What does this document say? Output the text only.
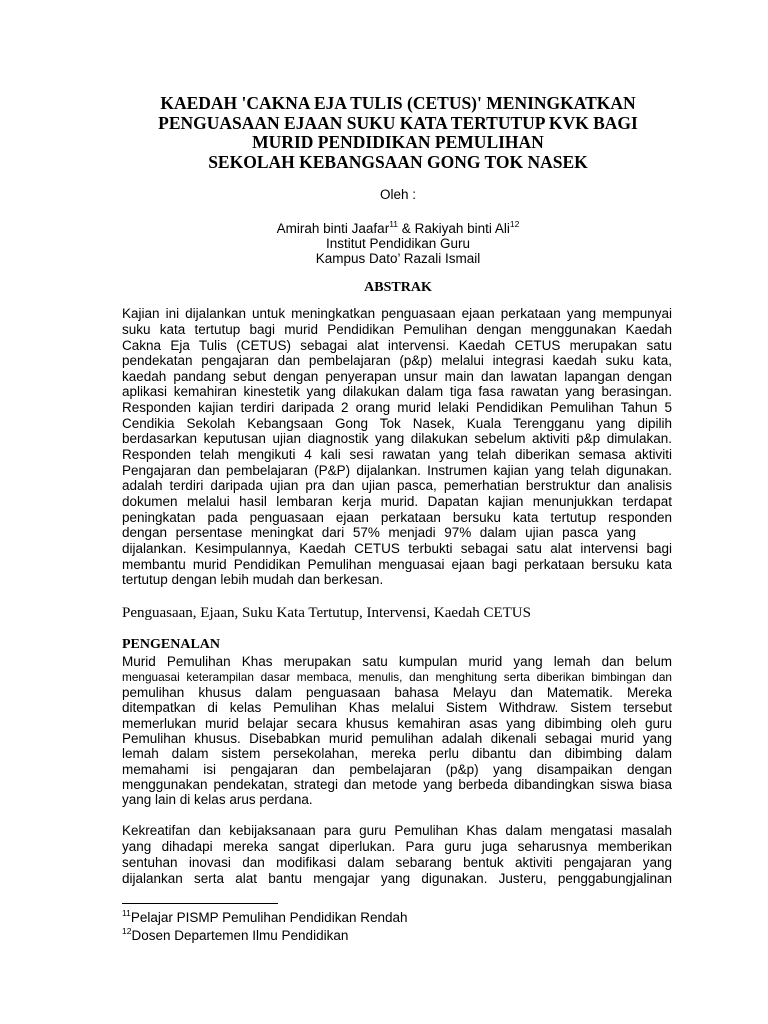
KAEDAH 'CAKNA EJA TULIS (CETUS)' MENINGKATKAN
PENGUASAAN EJAAN SUKU KATA TERTUTUP KVK BAGI
MURID PENDIDIKAN PEMULIHAN
SEKOLAH KEBANGSAAN GONG TOK NASEK
Oleh :
Amirah binti Jaafar$^{11}$ & Rakiyah binti Ali$^{12}$
Institut Pendidikan Guru
Kampus Dato’ Razali Ismail
ABSTRAK
Kajian ini dijalankan untuk meningkatkan penguasaan ejaan perkataan yang mempunyai
suku kata tertutup bagi murid Pendidikan Pemulihan dengan menggunakan Kaedah
Cakna Eja Tulis (CETUS) sebagai alat intervensi. Kaedah CETUS merupakan satu
pendekatan pengajaran dan pembelajaran (p&p) melalui integrasi kaedah suku kata,
kaedah pandang sebut dengan penyerapan unsur main dan lawatan lapangan dengan
aplikasi kemahiran kinestetik yang dilakukan dalam tiga fasa rawatan yang berasingan.
Responden kajian terdiri daripada 2 orang murid lelaki Pendidikan Pemulihan Tahun 5
Cendikia Sekolah Kebangsaan Gong Tok Nasek, Kuala Terengganu yang dipilih
berdasarkan keputusan ujian diagnostik yang dilakukan sebelum aktiviti p&p dimulakan.
Responden telah mengikuti 4 kali sesi rawatan yang telah diberikan semasa aktiviti
Pengajaran dan pembelajaran (P&P) dijalankan. Instrumen kajian yang telah digunakan.
adalah terdiri daripada ujian pra dan ujian pasca, pemerhatian berstruktur dan analisis
dokumen melalui hasil lembaran kerja murid. Dapatan kajian menunjukkan terdapat
peningkatan pada penguasaan ejaan perkataan bersuku kata tertutup responden
dengan persentase meningkat dari 57% menjadi 97% dalam ujian pasca yang
dijalankan. Kesimpulannya, Kaedah CETUS terbukti sebagai satu alat intervensi bagi
membantu murid Pendidikan Pemulihan menguasai ejaan bagi perkataan bersuku kata
tertutup dengan lebih mudah dan berkesan.
Penguasaan, Ejaan, Suku Kata Tertutup, Intervensi, Kaedah CETUS
PENGENALAN
Murid Pemulihan Khas merupakan satu kumpulan murid yang lemah dan belum
menguasai keterampilan dasar membaca, menulis, dan menghitung serta diberikan bimbingan dan
pemulihan khusus dalam penguasaan bahasa Melayu dan Matematik. Mereka
ditempatkan di kelas Pemulihan Khas melalui Sistem Withdraw. Sistem tersebut
memerlukan murid belajar secara khusus kemahiran asas yang dibimbing oleh guru
Pemulihan khusus. Disebabkan murid pemulihan adalah dikenali sebagai murid yang
lemah dalam sistem persekolahan, mereka perlu dibantu dan dibimbing dalam
memahami isi pengajaran dan pembelajaran (p&p) yang disampaikan dengan
menggunakan pendekatan, strategi dan metode yang berbeda dibandingkan siswa biasa
yang lain di kelas arus perdana.
Kekreatifan dan kebijaksanaan para guru Pemulihan Khas dalam mengatasi masalah
yang dihadapi mereka sangat diperlukan. Para guru juga seharusnya memberikan
sentuhan inovasi dan modifikasi dalam sebarang bentuk aktiviti pengajaran yang
dijalankan serta alat bantu mengajar yang digunakan. Justeru, penggabungjalinan
$^{11}$Pelajar PISMP Pemulihan Pendidikan Rendah
$^{12}$Dosen Departemen Ilmu Pendidikan
